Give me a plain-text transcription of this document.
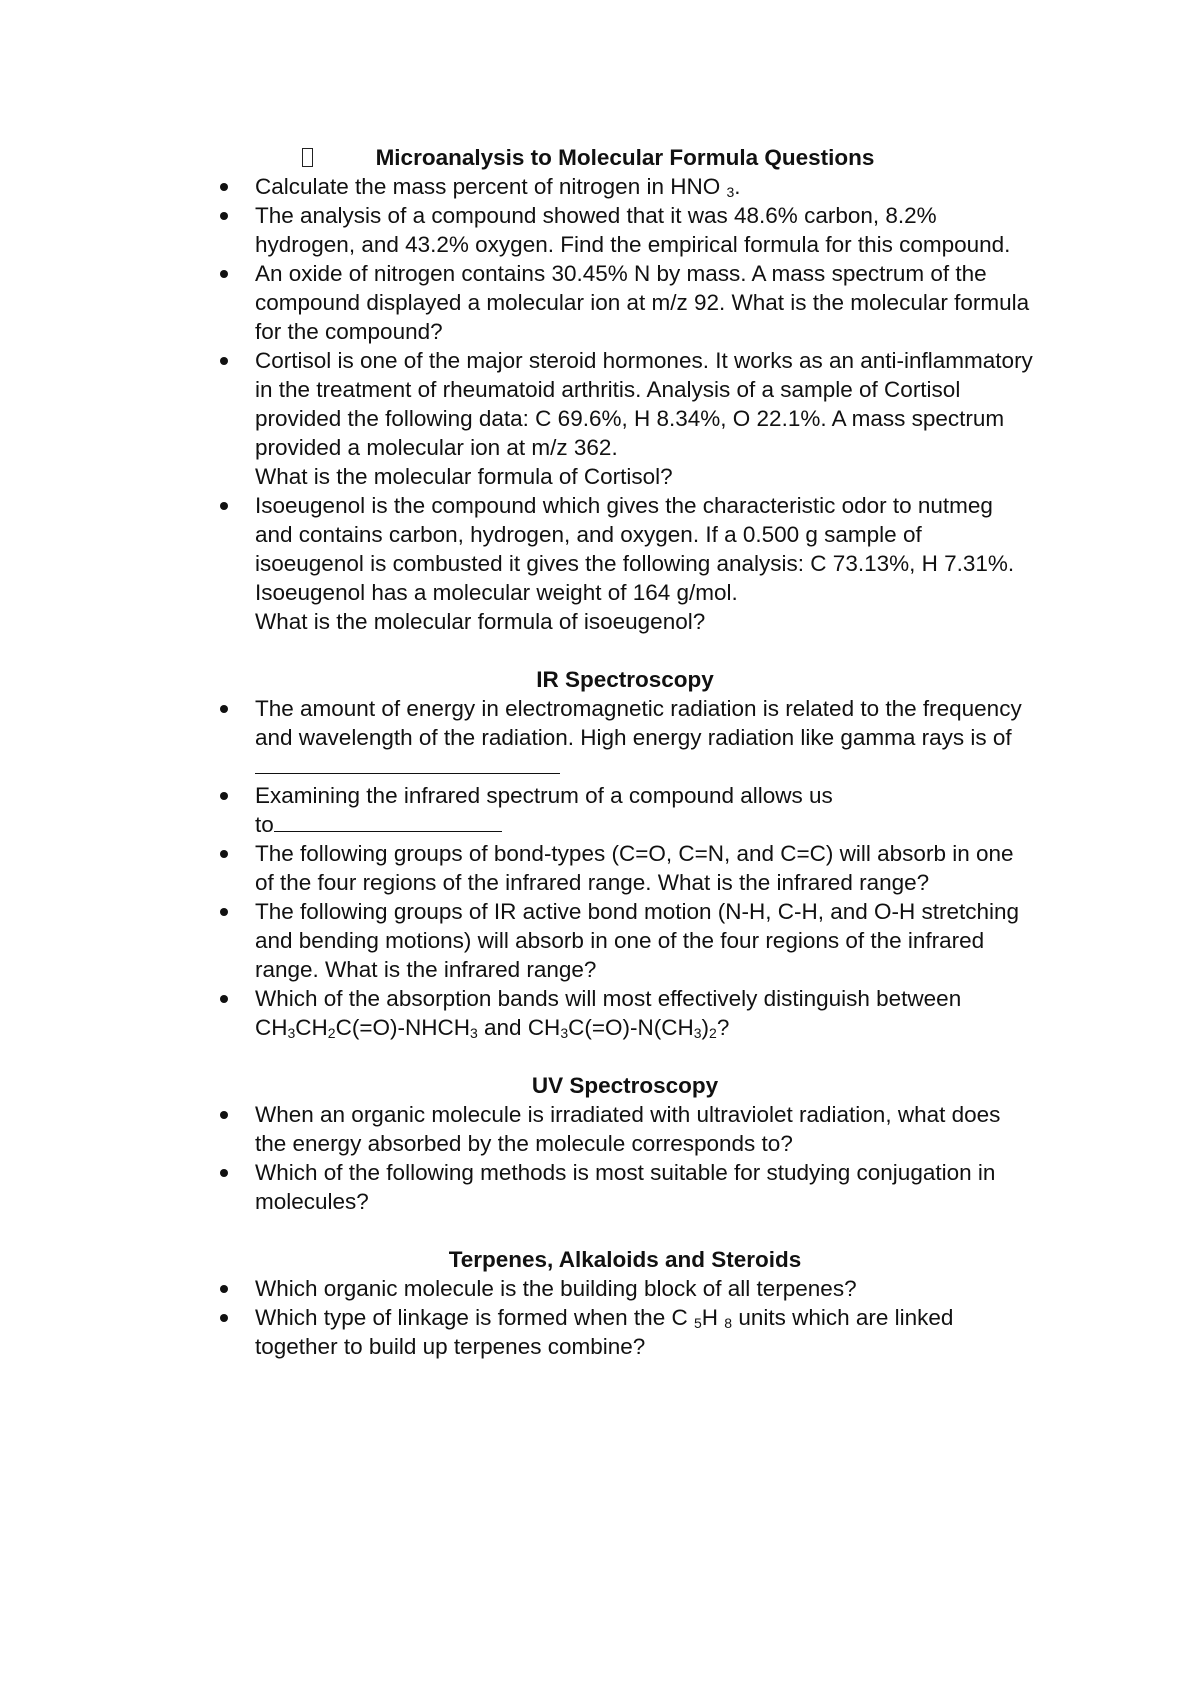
Microanalysis to Molecular Formula Questions
Calculate the mass percent of nitrogen in HNO $_3$.
The analysis of a compound showed that it was 48.6% carbon, 8.2% hydrogen, and 43.2% oxygen. Find the empirical formula for this compound.
An oxide of nitrogen contains 30.45% N by mass. A mass spectrum of the compound displayed a molecular ion at m/z 92. What is the molecular formula for the compound?
Cortisol is one of the major steroid hormones. It works as an anti-inflammatory in the treatment of rheumatoid arthritis. Analysis of a sample of Cortisol provided the following data: C 69.6%, H 8.34%, O 22.1%. A mass spectrum provided a molecular ion at m/z 362.
What is the molecular formula of Cortisol?
Isoeugenol is the compound which gives the characteristic odor to nutmeg and contains carbon, hydrogen, and oxygen. If a 0.500 g sample of isoeugenol is combusted it gives the following analysis: C 73.13%, H 7.31%. Isoeugenol has a molecular weight of 164 g/mol.
What is the molecular formula of isoeugenol?
IR Spectroscopy
The amount of energy in electromagnetic radiation is related to the frequency and wavelength of the radiation. High energy radiation like gamma rays is of
Examining the infrared spectrum of a compound allows us
to
The following groups of bond-types (C=O, C=N, and C=C) will absorb in one of the four regions of the infrared range. What is the infrared range?
The following groups of IR active bond motion (N-H, C-H, and O-H stretching and bending motions) will absorb in one of the four regions of the infrared range. What is the infrared range?
Which of the absorption bands will most effectively distinguish between
$CH_3CH_2C(=O)-NHCH_3$ and $CH_3C(=O)-N(CH_3)_2$?
UV Spectroscopy
When an organic molecule is irradiated with ultraviolet radiation, what does the energy absorbed by the molecule corresponds to?
Which of the following methods is most suitable for studying conjugation in molecules?
Terpenes, Alkaloids and Steroids
Which organic molecule is the building block of all terpenes?
Which type of linkage is formed when the C $_5$H $_8$ units which are linked together to build up terpenes combine?
